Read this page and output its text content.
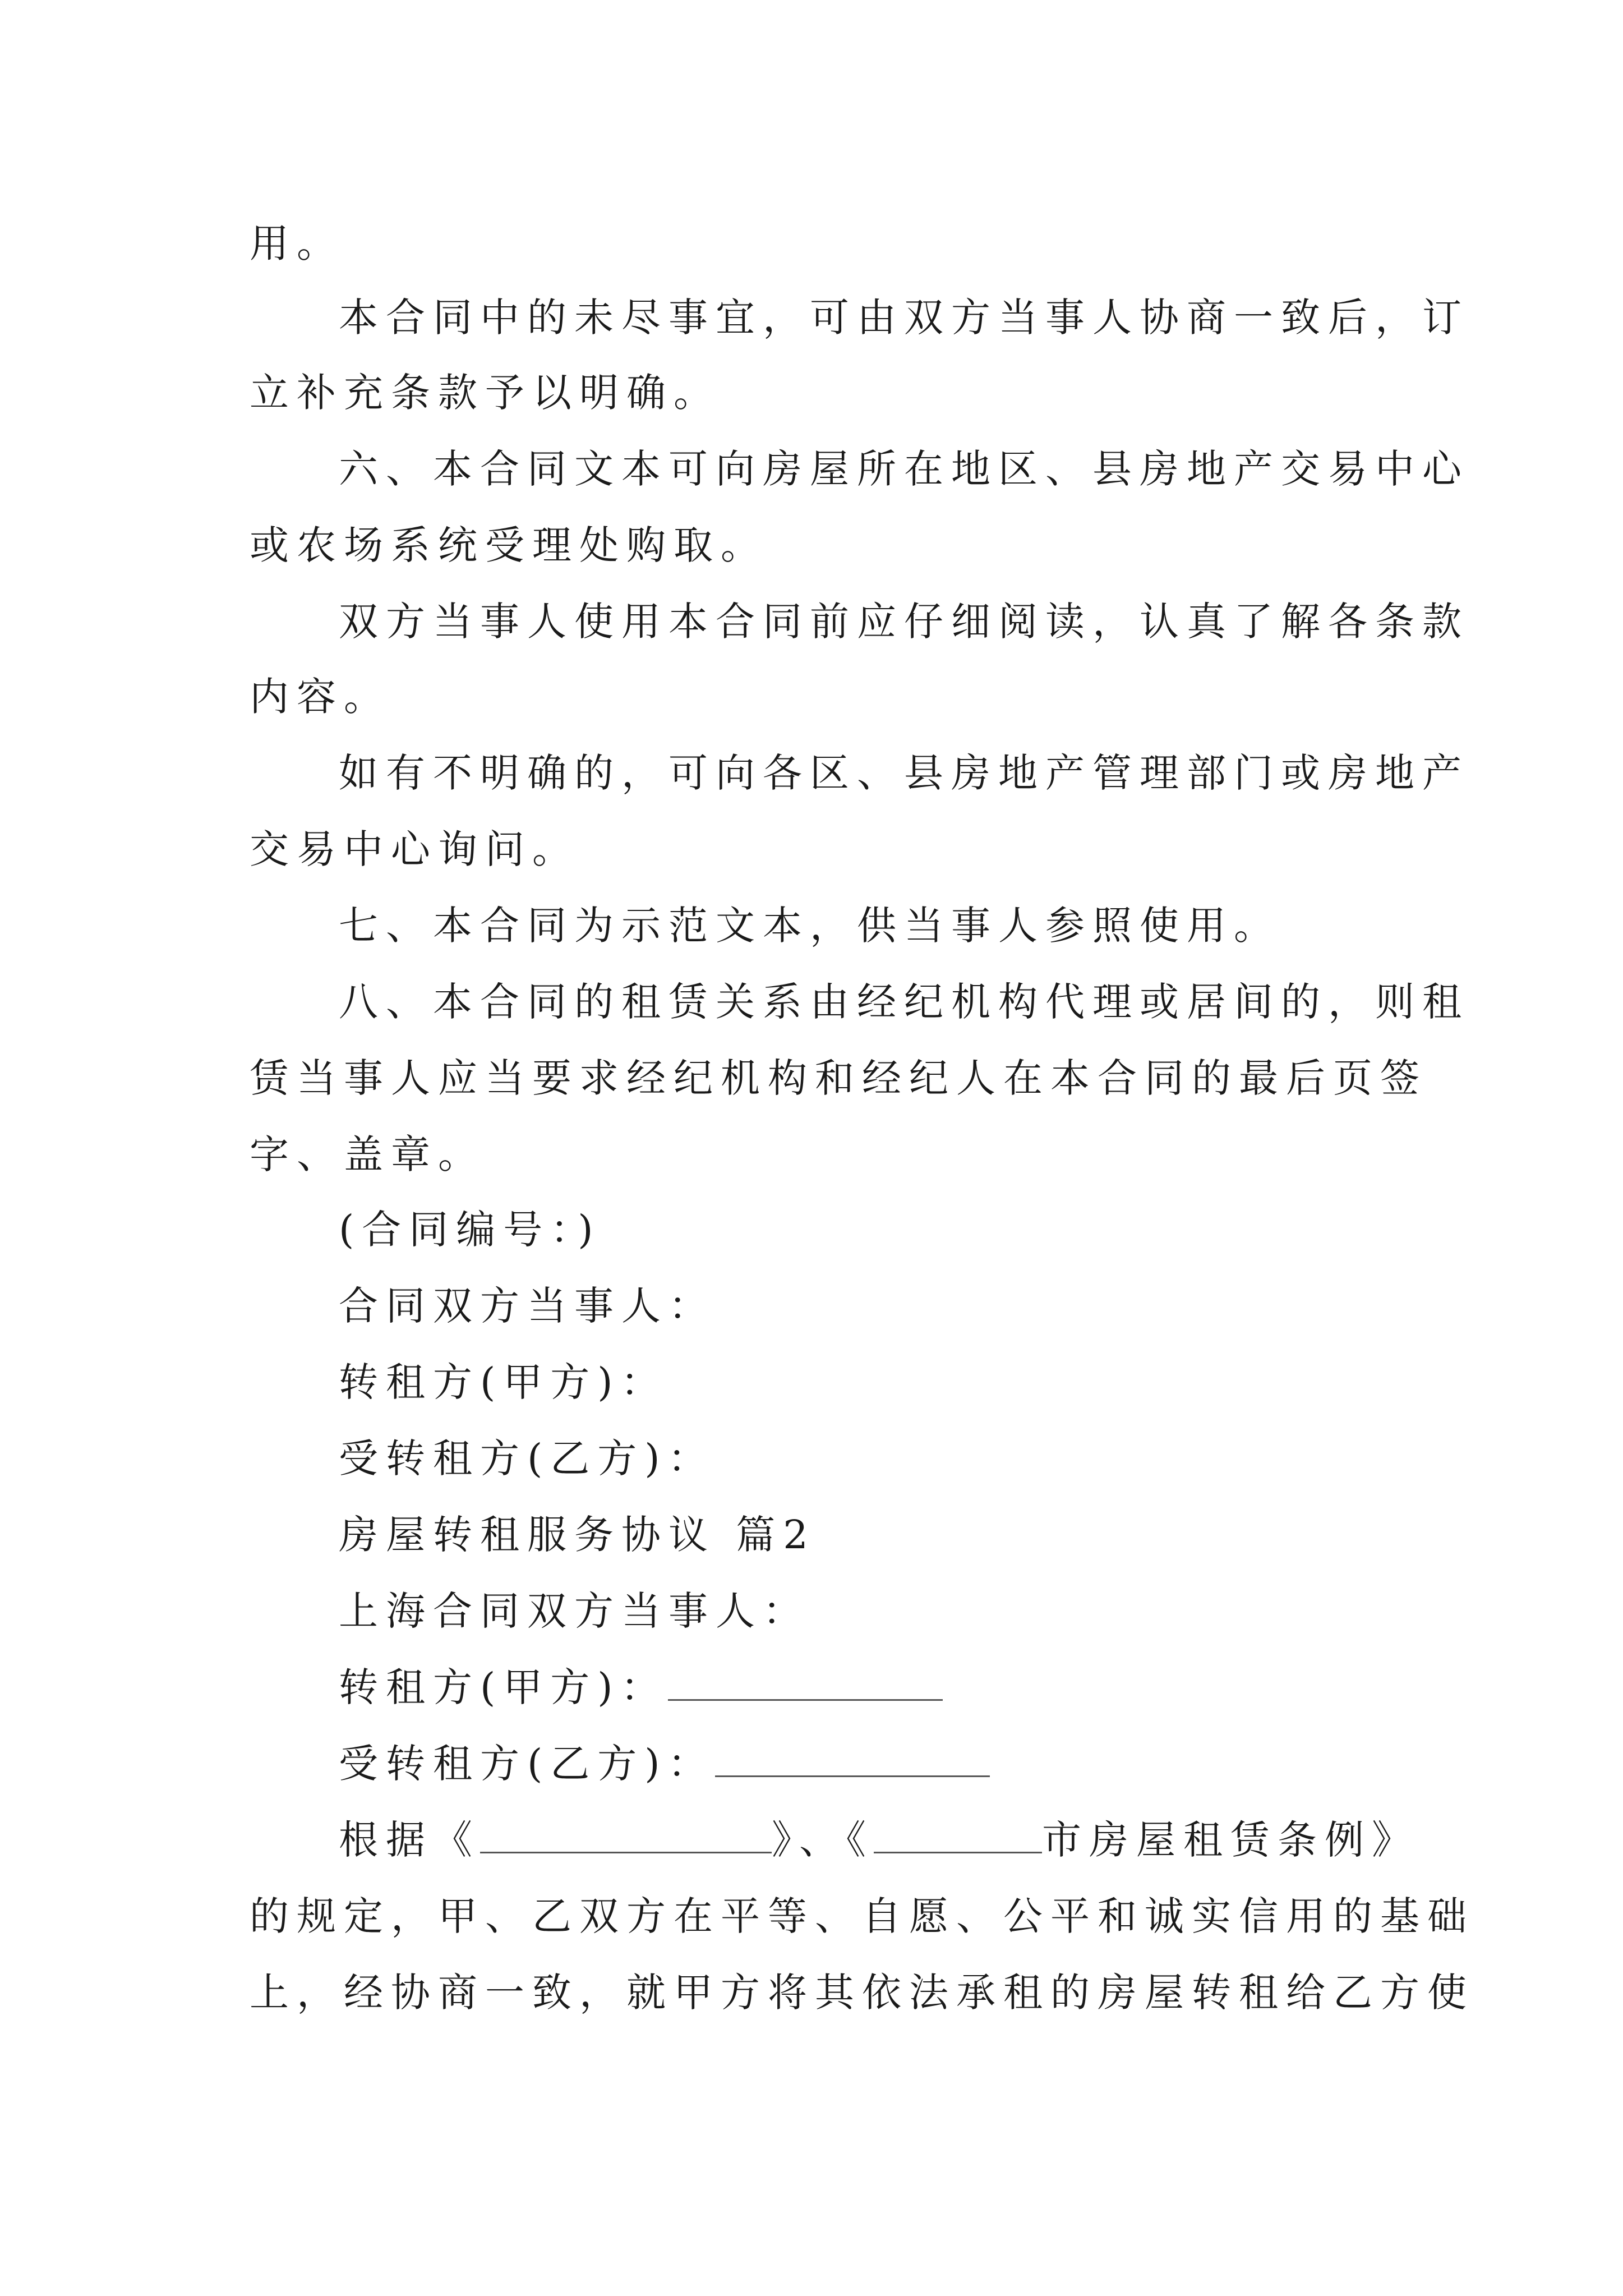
用。
本合同中的未尽事宜，可由双方当事人协商一致后，订
立补充条款予以明确。
六、本合同文本可向房屋所在地区、县房地产交易中心
或农场系统受理处购取。
双方当事人使用本合同前应仔细阅读，认真了解各条款
内容。
如有不明确的，可向各区、县房地产管理部门或房地产
交易中心询问。
七、本合同为示范文本，供当事人参照使用。
八、本合同的租赁关系由经纪机构代理或居间的，则租
赁当事人应当要求经纪机构和经纪人在本合同的最后页签
字、盖章。
(合同编号：)
合同双方当事人：
转租方(甲方)：
受转租方(乙方)：
房屋转租服务协议 篇2
上海合同双方当事人：
转租方(甲方)：
受转租方(乙方)：
根据《	》、《	市房屋租赁条例》
的规定，甲、乙双方在平等、自愿、公平和诚实信用的基础
上，经协商一致，就甲方将其依法承租的房屋转租给乙方使
